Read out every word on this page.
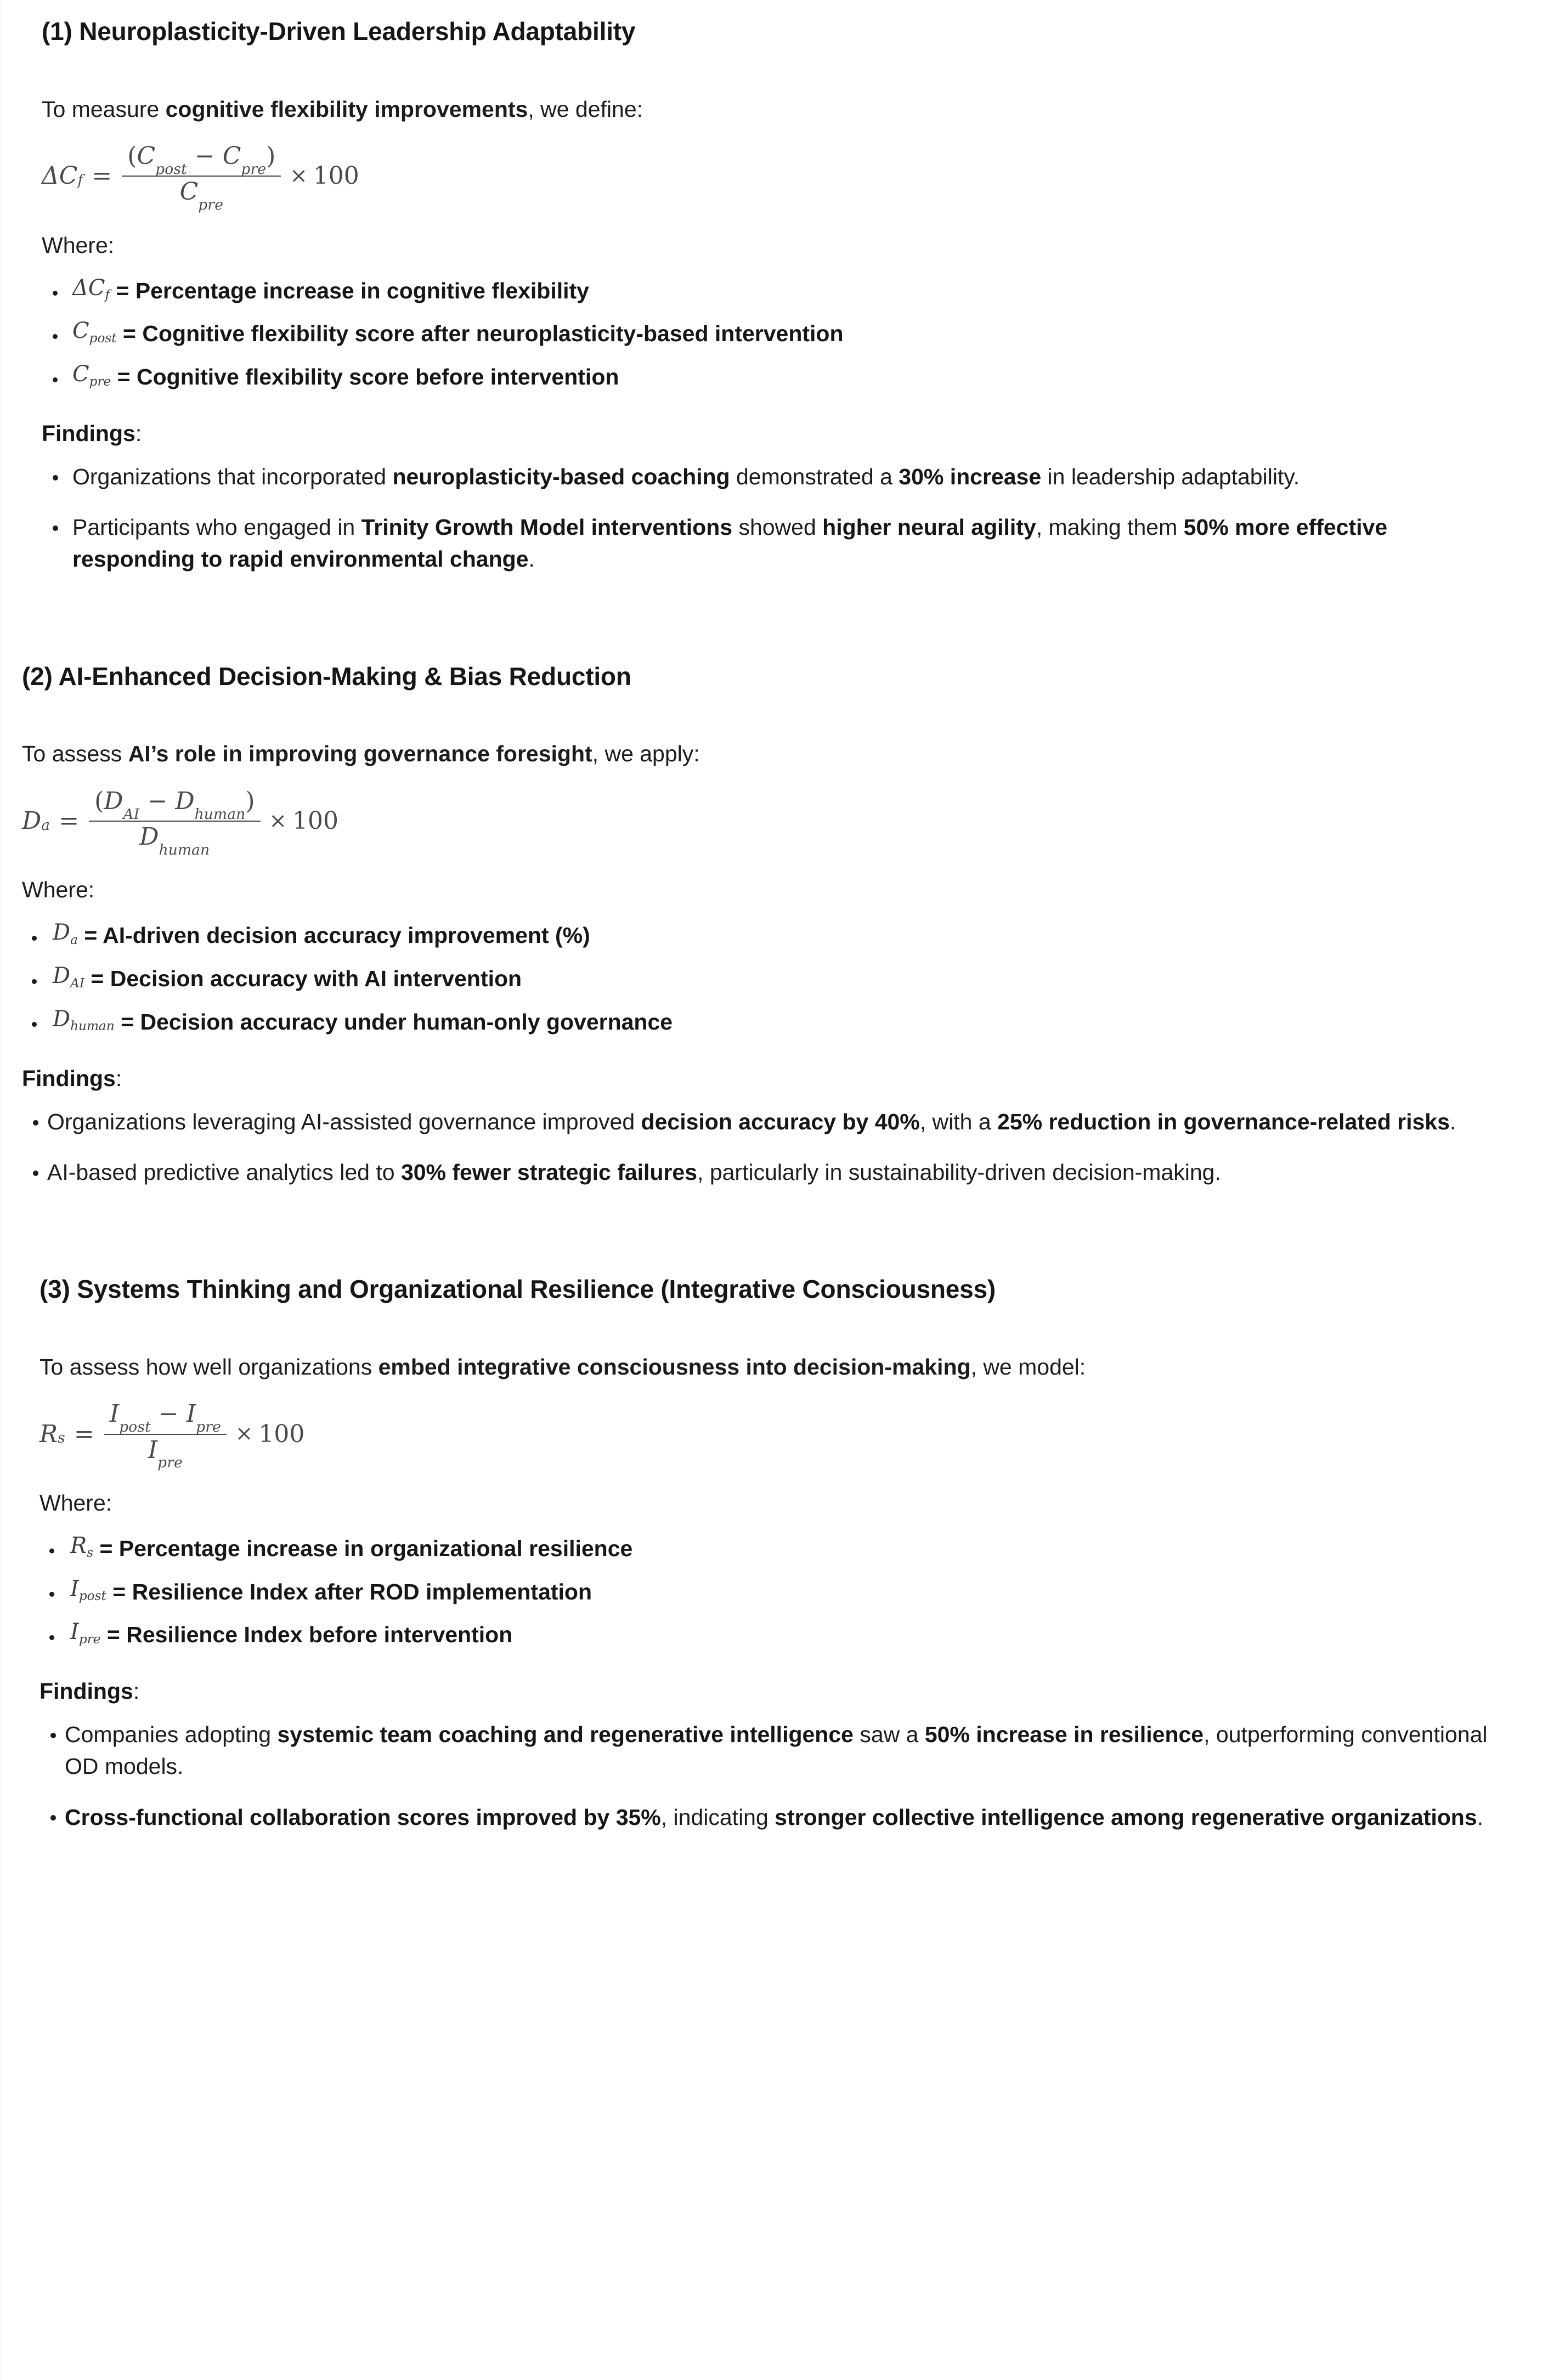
(1) Neuroplasticity-Driven Leadership Adaptability

To measure cognitive flexibility improvements, we define:

ΔC $f = \frac{(C_{post} - C_{pre})}{C_{pre}} \times 100$

Where:

ΔCf = Percentage increase in cognitive flexibility
Cpost = Cognitive flexibility score after neuroplasticity-based intervention
Cpre = Cognitive flexibility score before intervention

Findings:

Organizations that incorporated neuroplasticity-based coaching demonstrated a 30% increase in leadership adaptability.
Participants who engaged in Trinity Growth Model interventions showed higher neural agility, making them 50% more effective responding to rapid environmental change.
(2) AI-Enhanced Decision-Making & Bias Reduction

To assess AI’s role in improving governance foresight, we apply:

D $a = \frac{(D_{AI} - D_{human})}{D_{human}} \times 100$

Where:

Da = AI-driven decision accuracy improvement (%)
DAI = Decision accuracy with AI intervention
Dhuman = Decision accuracy under human-only governance

Findings:

Organizations leveraging AI-assisted governance improved decision accuracy by 40%, with a 25% reduction in governance-related risks.
AI-based predictive analytics led to 30% fewer strategic failures, particularly in sustainability-driven decision-making.
(3) Systems Thinking and Organizational Resilience (Integrative Consciousness)

To assess how well organizations embed integrative consciousness into decision-making, we model:

R $s = \frac{I_{post} - I_{pre}}{I_{pre}} \times 100$

Where:

Rs = Percentage increase in organizational resilience
Ipost = Resilience Index after ROD implementation
Ipre = Resilience Index before intervention

Findings:

Companies adopting systemic team coaching and regenerative intelligence saw a 50% increase in resilience, outperforming conventional OD models.
Cross-functional collaboration scores improved by 35%, indicating stronger collective intelligence among regenerative organizations.
